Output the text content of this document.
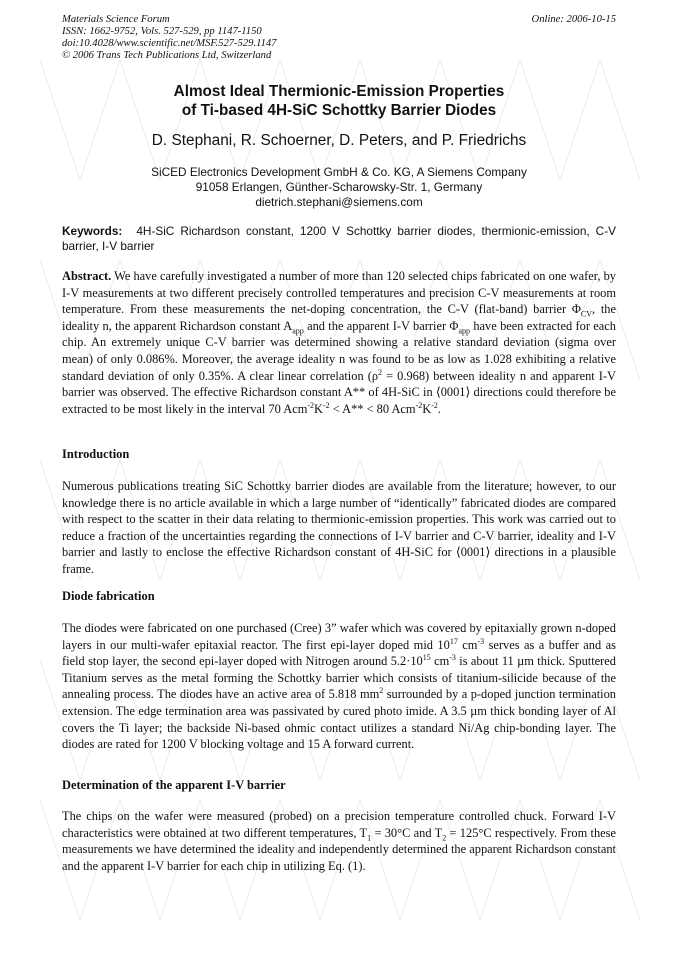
Materials Science Forum
ISSN: 1662-9752, Vols. 527-529, pp 1147-1150
doi:10.4028/www.scientific.net/MSF.527-529.1147
© 2006 Trans Tech Publications Ltd, Switzerland
Online: 2006-10-15
Almost Ideal Thermionic-Emission Properties
of Ti-based 4H-SiC Schottky Barrier Diodes
D. Stephani, R. Schoerner, D. Peters, and P. Friedrichs
SiCED Electronics Development GmbH & Co. KG, A Siemens Company
91058 Erlangen, Günther-Scharowsky-Str. 1, Germany
dietrich.stephani@siemens.com
Keywords: 4H-SiC Richardson constant, 1200 V Schottky barrier diodes, thermionic-emission, C-V barrier, I-V barrier
Abstract. We have carefully investigated a number of more than 120 selected chips fabricated on one wafer, by I-V measurements at two different precisely controlled temperatures and precision C-V measurements at room temperature. From these measurements the net-doping concentration, the C-V (flat-band) barrier $\Phi_{CV}$, the ideality n, the apparent Richardson constant $A_{app}$ and the apparent I-V barrier $\Phi_{app}$ have been extracted for each chip. An extremely unique C-V barrier was determined showing a relative standard deviation (sigma over mean) of only 0.086%. Moreover, the average ideality n was found to be as low as 1.028 exhibiting a relative standard deviation of only 0.35%. A clear linear correlation $(\rho^2 = 0.968)$ between ideality n and apparent I-V barrier was observed. The effective Richardson constant A** of 4H-SiC in ⟨0001⟩ directions could therefore be extracted to be most likely in the interval 70 $Acm^{-2}K^{-2} < A** < 80$ $Acm^{-2}K^{-2}$.
Introduction
Numerous publications treating SiC Schottky barrier diodes are available from the literature; however, to our knowledge there is no article available in which a large number of “identically” fabricated diodes are compared with respect to the scatter in their data relating to thermionic-emission properties. This work was carried out to reduce a fraction of the uncertainties regarding the connections of I-V barrier and C-V barrier, ideality and I-V barrier and lastly to enclose the effective Richardson constant of 4H-SiC for ⟨0001⟩ directions in a plausible frame.
Diode fabrication
The diodes were fabricated on one purchased (Cree) 3” wafer which was covered by epitaxially grown n-doped layers in our multi-wafer epitaxial reactor. The first epi-layer doped mid $10^{17}$ $cm^{-3}$ serves as a buffer and as field stop layer, the second epi-layer doped with Nitrogen around $5.2\cdot 10^{15}$ $cm^{-3}$ is about 11 µm thick. Sputtered Titanium serves as the metal forming the Schottky barrier which consists of titanium-silicide because of the annealing process. The diodes have an active area of 5.818 $mm^2$ surrounded by a p-doped junction termination extension. The edge termination area was passivated by cured photo imide. A 3.5 µm thick bonding layer of Al covers the Ti layer; the backside Ni-based ohmic contact utilizes a standard Ni/Ag chip-bonding layer. The diodes are rated for 1200 V blocking voltage and 15 A forward current.
Determination of the apparent I-V barrier
The chips on the wafer were measured (probed) on a precision temperature controlled chuck. Forward I-V characteristics were obtained at two different temperatures, $T_1 = 30^\circ C$ and $T_2 = 125^\circ C$ respectively. From these measurements we have determined the ideality and independently determined the apparent Richardson constant and the apparent I-V barrier for each chip in utilizing Eq. (1).
